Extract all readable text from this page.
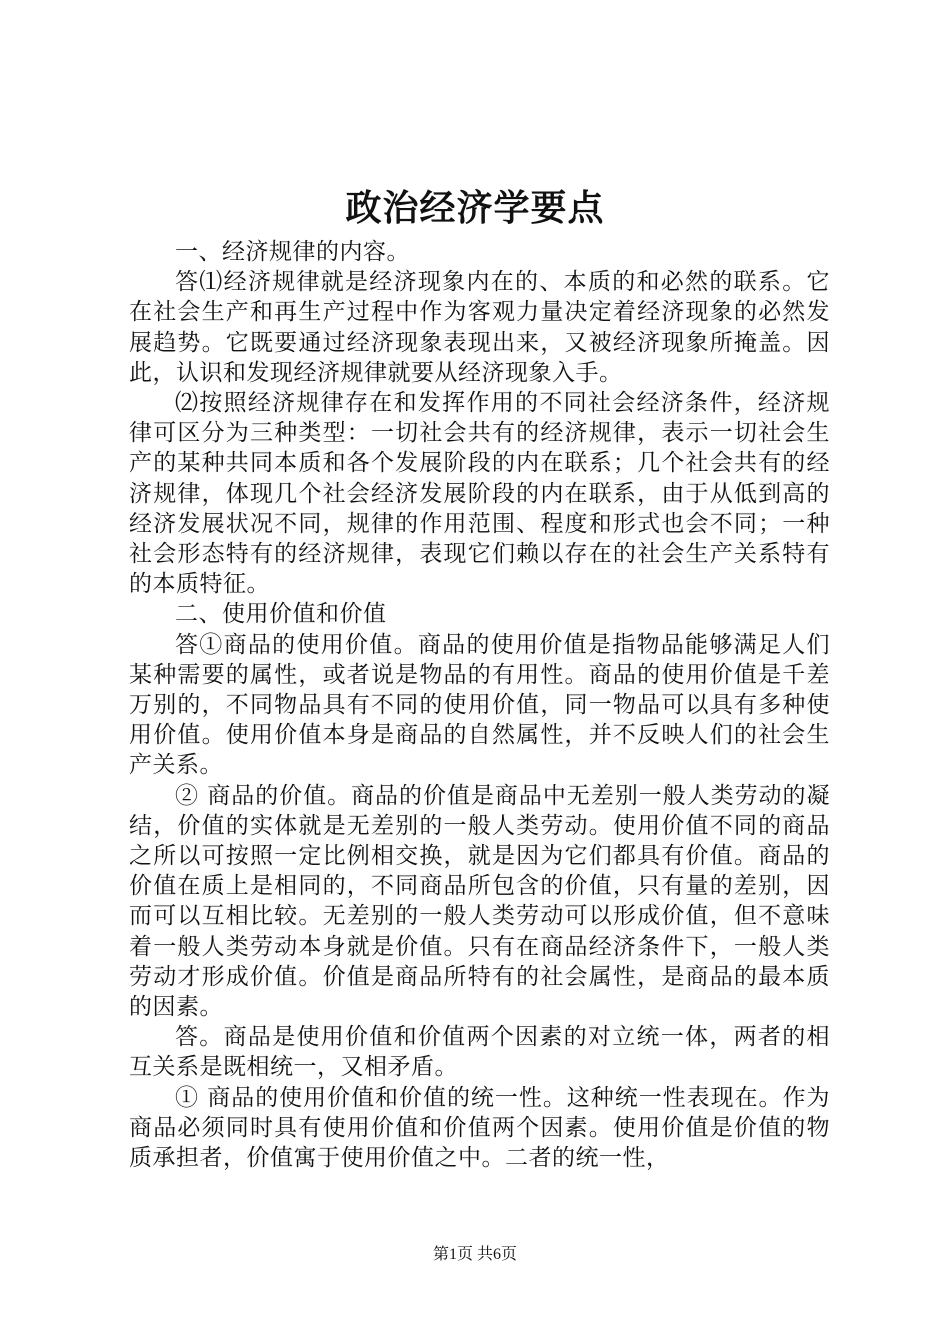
政治经济学要点

一、经济规律的内容。

答⑴经济规律就是经济现象内在的、本质的和必然的联系。它在社会生产和再生产过程中作为客观力量决定着经济现象的必然发展趋势。它既要通过经济现象表现出来，又被经济现象所掩盖。因此，认识和发现经济规律就要从经济现象入手。

⑵按照经济规律存在和发挥作用的不同社会经济条件，经济规律可区分为三种类型：一切社会共有的经济规律，表示一切社会生产的某种共同本质和各个发展阶段的内在联系；几个社会共有的经济规律，体现几个社会经济发展阶段的内在联系，由于从低到高的经济发展状况不同，规律的作用范围、程度和形式也会不同；一种社会形态特有的经济规律，表现它们赖以存在的社会生产关系特有的本质特征。

二、使用价值和价值

答①商品的使用价值。商品的使用价值是指物品能够满足人们某种需要的属性，或者说是物品的有用性。商品的使用价值是千差万别的，不同物品具有不同的使用价值，同一物品可以具有多种使用价值。使用价值本身是商品的自然属性，并不反映人们的社会生产关系。

② 商品的价值。商品的价值是商品中无差别一般人类劳动的凝结，价值的实体就是无差别的一般人类劳动。使用价值不同的商品之所以可按照一定比例相交换，就是因为它们都具有价值。商品的价值在质上是相同的，不同商品所包含的价值，只有量的差别，因而可以互相比较。无差别的一般人类劳动可以形成价值，但不意味着一般人类劳动本身就是价值。只有在商品经济条件下，一般人类劳动才形成价值。价值是商品所特有的社会属性，是商品的最本质的因素。

答。商品是使用价值和价值两个因素的对立统一体，两者的相互关系是既相统一，又相矛盾。

① 商品的使用价值和价值的统一性。这种统一性表现在。作为商品必须同时具有使用价值和价值两个因素。使用价值是价值的物质承担者，价值寓于使用价值之中。二者的统一性，

第1页 共6页
